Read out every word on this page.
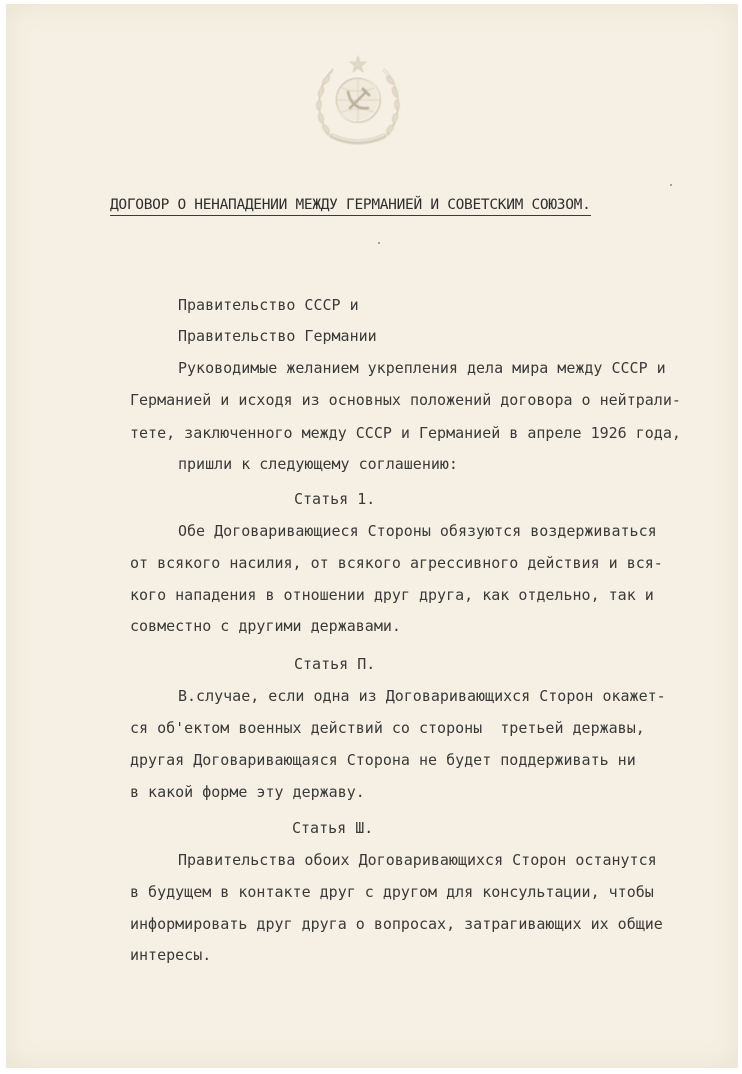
ДОГОВОР О НЕНАПАДЕНИИ МЕЖДУ ГЕРМАНИЕЙ И СОВЕТСКИМ СОЮЗОМ.

Правительство СССР и

Правительство Германии

Руководимые желанием укрепления дела мира между СССР и

Германией и исходя из основных положений договора о нейтрали-

тете, заключенного между СССР и Германией в апреле 1926 года,

пришли к следующему соглашению:

Статья 1.

Обе Договаривающиеся Стороны обязуются воздерживаться

от всякого насилия, от всякого агрессивного действия и вся-

кого нападения в отношении друг друга, как отдельно, так и

совместно с другими державами.

Статья П.

В.случае, если одна из Договаривающихся Сторон окажет-

ся об'ектом военных действий со стороны  третьей державы,

другая Договаривающаяся Сторона не будет поддерживать ни

в какой форме эту державу.

Статья Ш.

Правительства обоих Договаривающихся Сторон останутся

в будущем в контакте друг с другом для консультации, чтобы

информировать друг друга о вопросах, затрагивающих их общие

интересы.
